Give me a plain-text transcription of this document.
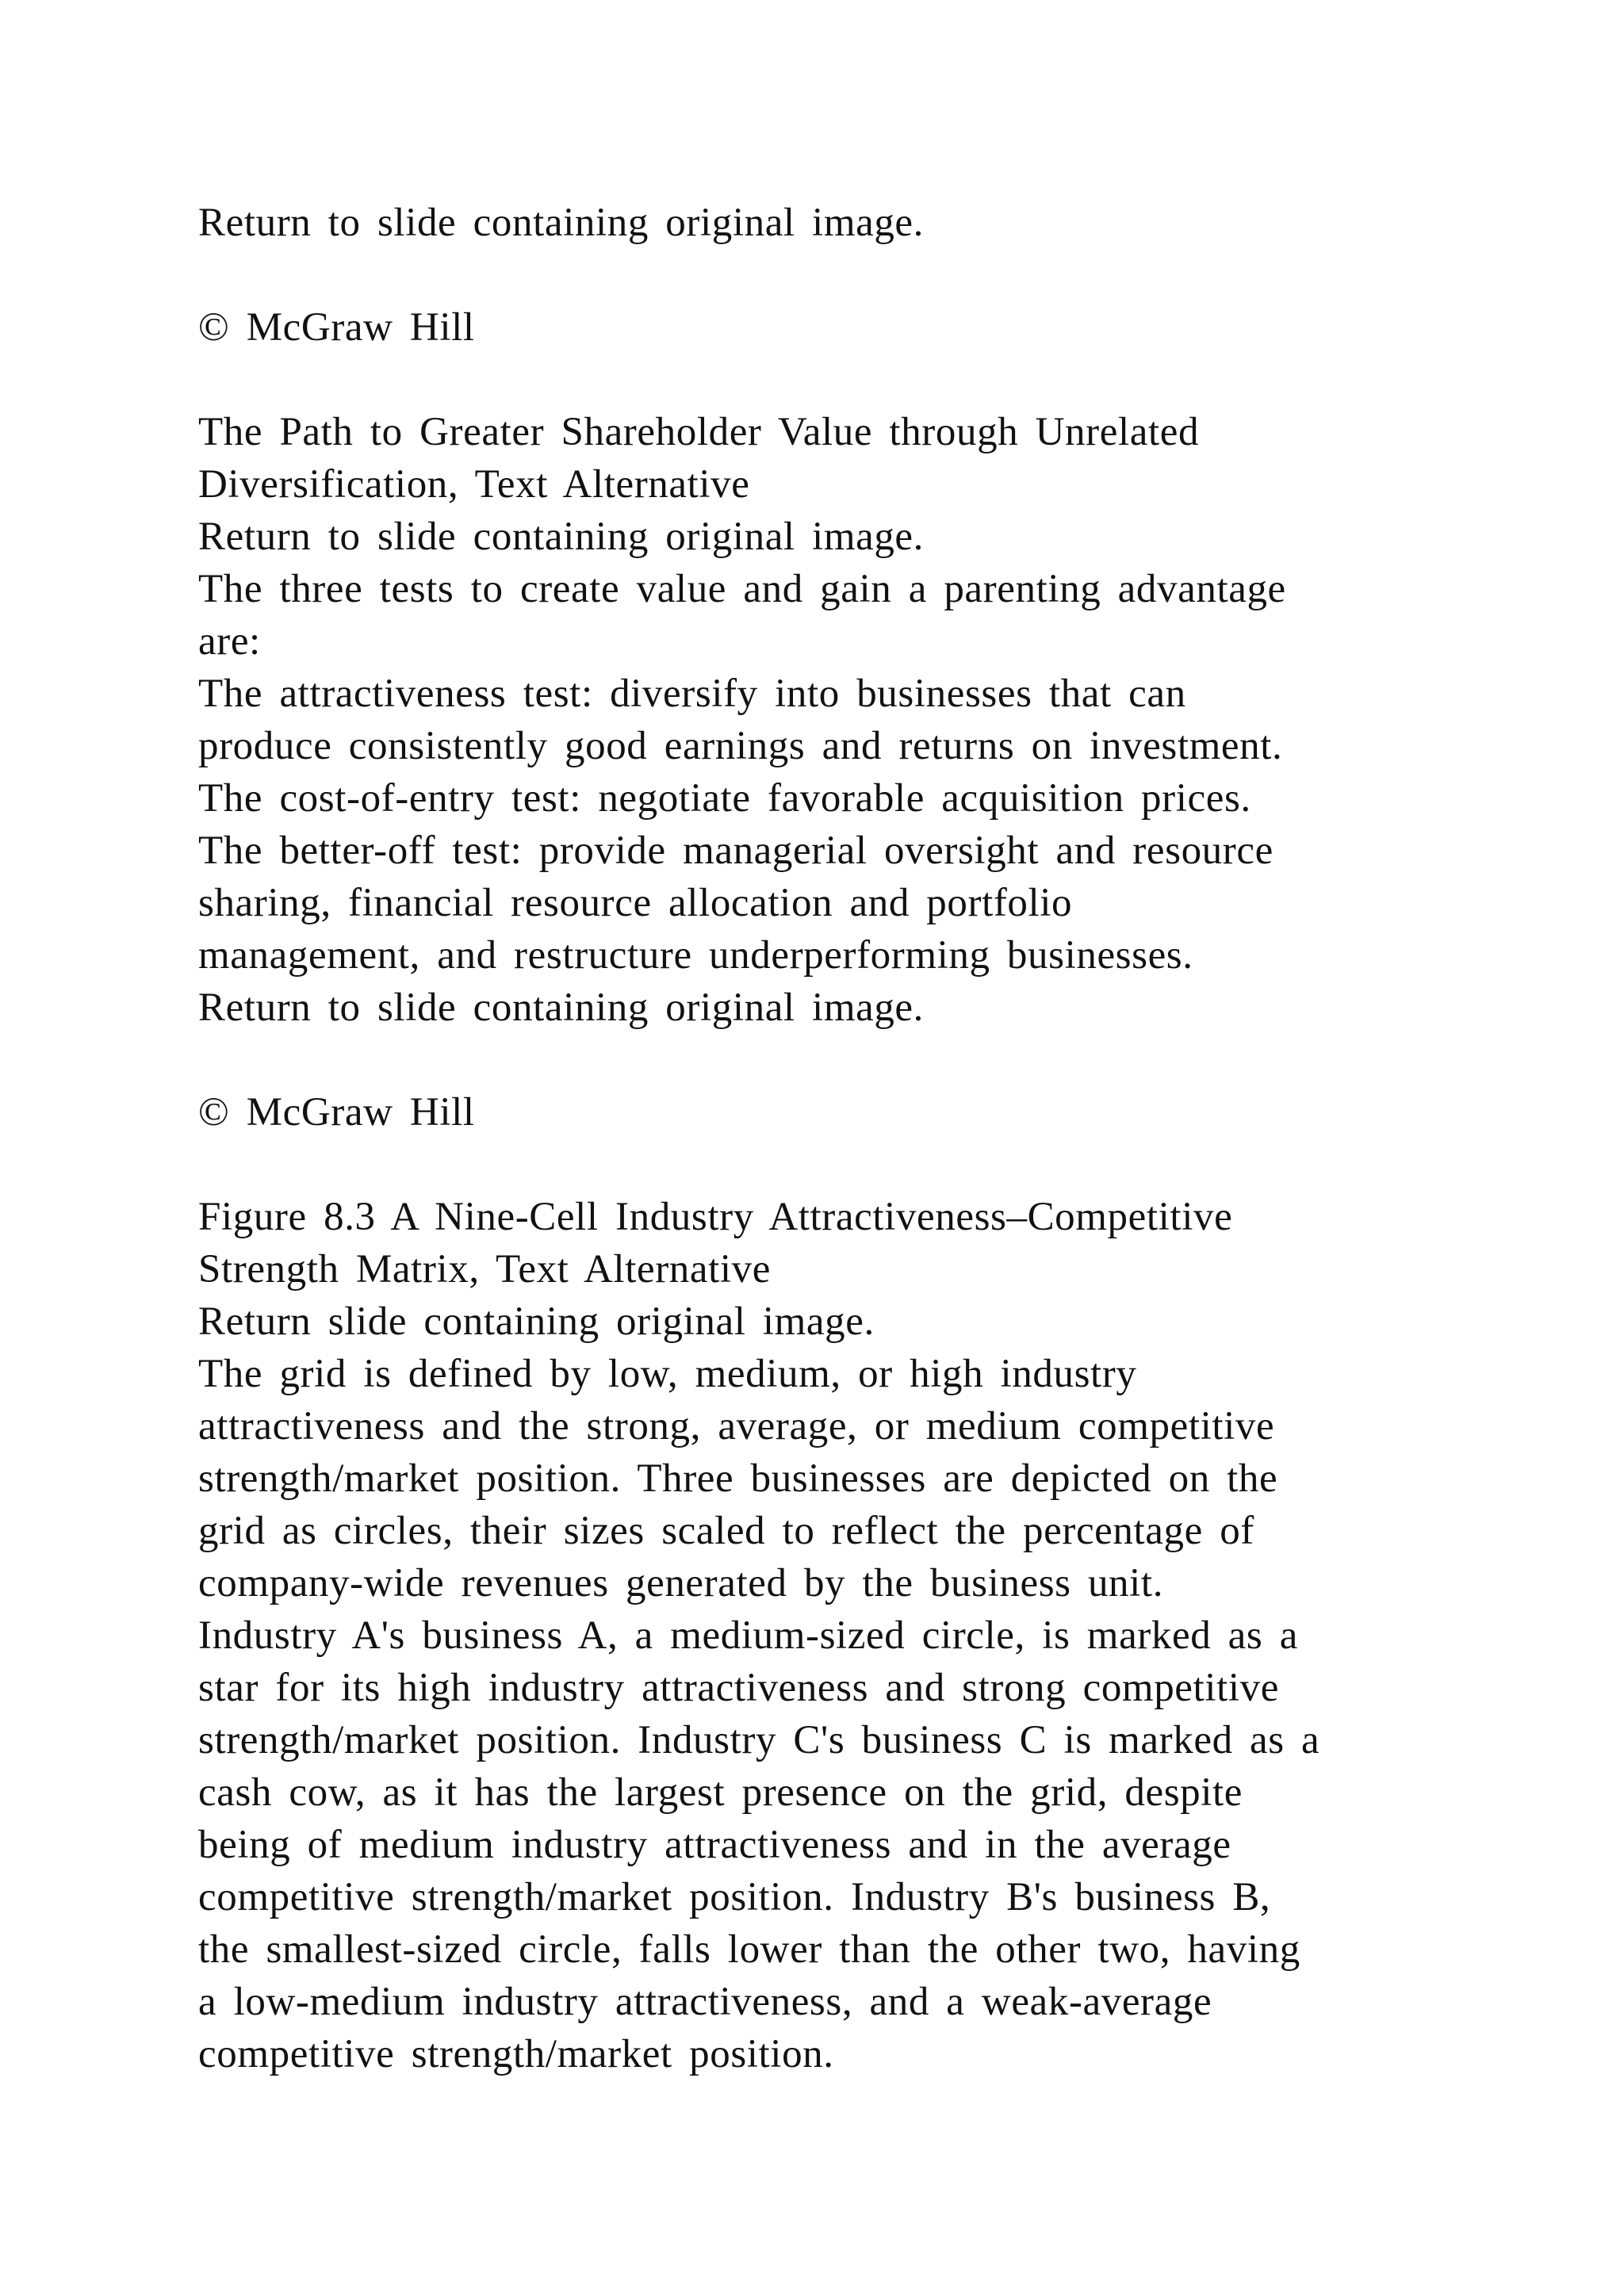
Return to slide containing original image.
© McGraw Hill
The Path to Greater Shareholder Value through Unrelated
Diversification, Text Alternative
Return to slide containing original image.
The three tests to create value and gain a parenting advantage
are:
The attractiveness test: diversify into businesses that can
produce consistently good earnings and returns on investment.
The cost-of-entry test: negotiate favorable acquisition prices.
The better-off test: provide managerial oversight and resource
sharing, financial resource allocation and portfolio
management, and restructure underperforming businesses.
Return to slide containing original image.
© McGraw Hill
Figure 8.3 A Nine-Cell Industry Attractiveness–Competitive
Strength Matrix, Text Alternative
Return slide containing original image.
The grid is defined by low, medium, or high industry
attractiveness and the strong, average, or medium competitive
strength/market position. Three businesses are depicted on the
grid as circles, their sizes scaled to reflect the percentage of
company-wide revenues generated by the business unit.
Industry A's business A, a medium-sized circle, is marked as a
star for its high industry attractiveness and strong competitive
strength/market position. Industry C's business C is marked as a
cash cow, as it has the largest presence on the grid, despite
being of medium industry attractiveness and in the average
competitive strength/market position. Industry B's business B,
the smallest-sized circle, falls lower than the other two, having
a low-medium industry attractiveness, and a weak-average
competitive strength/market position.
